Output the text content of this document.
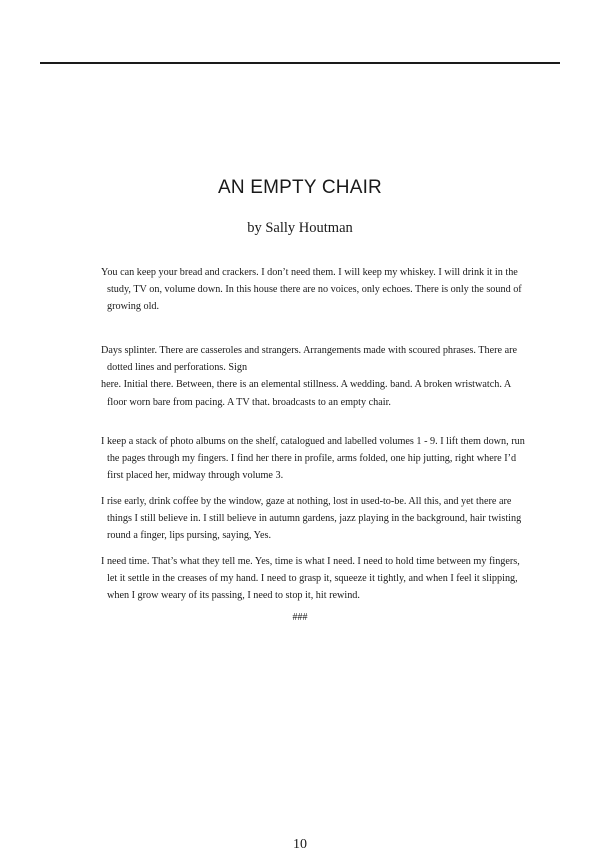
AN EMPTY CHAIR
by Sally Houtman

You can keep your bread and crackers. I don’t need them. I will keep my whiskey. I will drink it in the
study, TV on, volume down. In this house there are no voices, only echoes. There is only the sound of
growing old.

Days splinter. There are casseroles and strangers. Arrangements made with scoured phrases. There are
dotted lines and perforations. Sign
here. Initial there. Between, there is an elemental stillness. A wedding. band. A broken wristwatch. A
floor worn bare from pacing. A TV that. broadcasts to an empty chair.

I keep a stack of photo albums on the shelf, catalogued and labelled volumes 1 - 9. I lift them down, run
the pages through my fingers. I find her there in profile, arms folded, one hip jutting, right where I’d
first placed her, midway through volume 3.

I rise early, drink coffee by the window, gaze at nothing, lost in used-to-be. All this, and yet there are
things I still believe in. I still believe in autumn gardens, jazz playing in the background, hair twisting
round a finger, lips pursing, saying, Yes.

I need time. That’s what they tell me. Yes, time is what I need. I need to hold time between my fingers,
let it settle in the creases of my hand. I need to grasp it, squeeze it tightly, and when I feel it slipping,
when I grow weary of its passing, I need to stop it, hit rewind.

###
10
